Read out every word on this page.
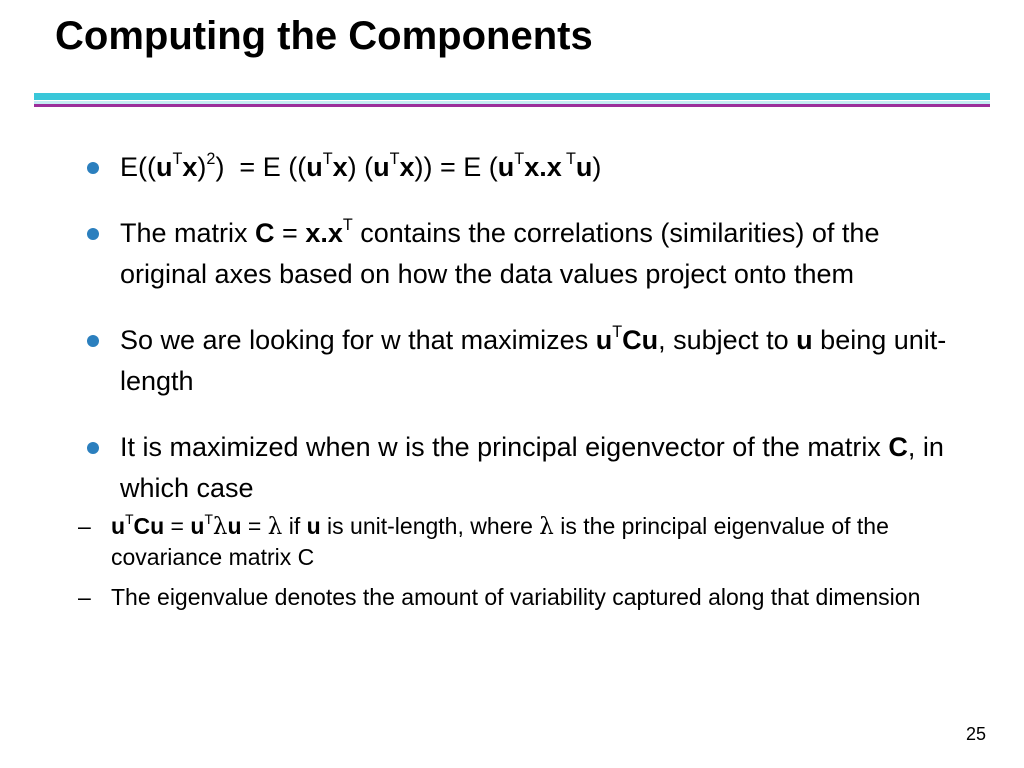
Computing the Components
$E((u^Tx)^2) = E$ $((u^Tx) (u^Tx)) = E$ ($u^Tx.x$ $^T$u)
The matrix $C = x.x^T$ contains the correlations (similarities) of the original axes based on how the data values project onto them
So we are looking for w that maximizes $u^TCu$, subject to u being unit-length
It is maximized when w is the principal eigenvector of the matrix C, in which case
– $u^TCu = u^T\lambda u = \lambda$ if u is unit-length, where λ is the principal eigenvalue of the covariance matrix C
– The eigenvalue denotes the amount of variability captured along that dimension
25
